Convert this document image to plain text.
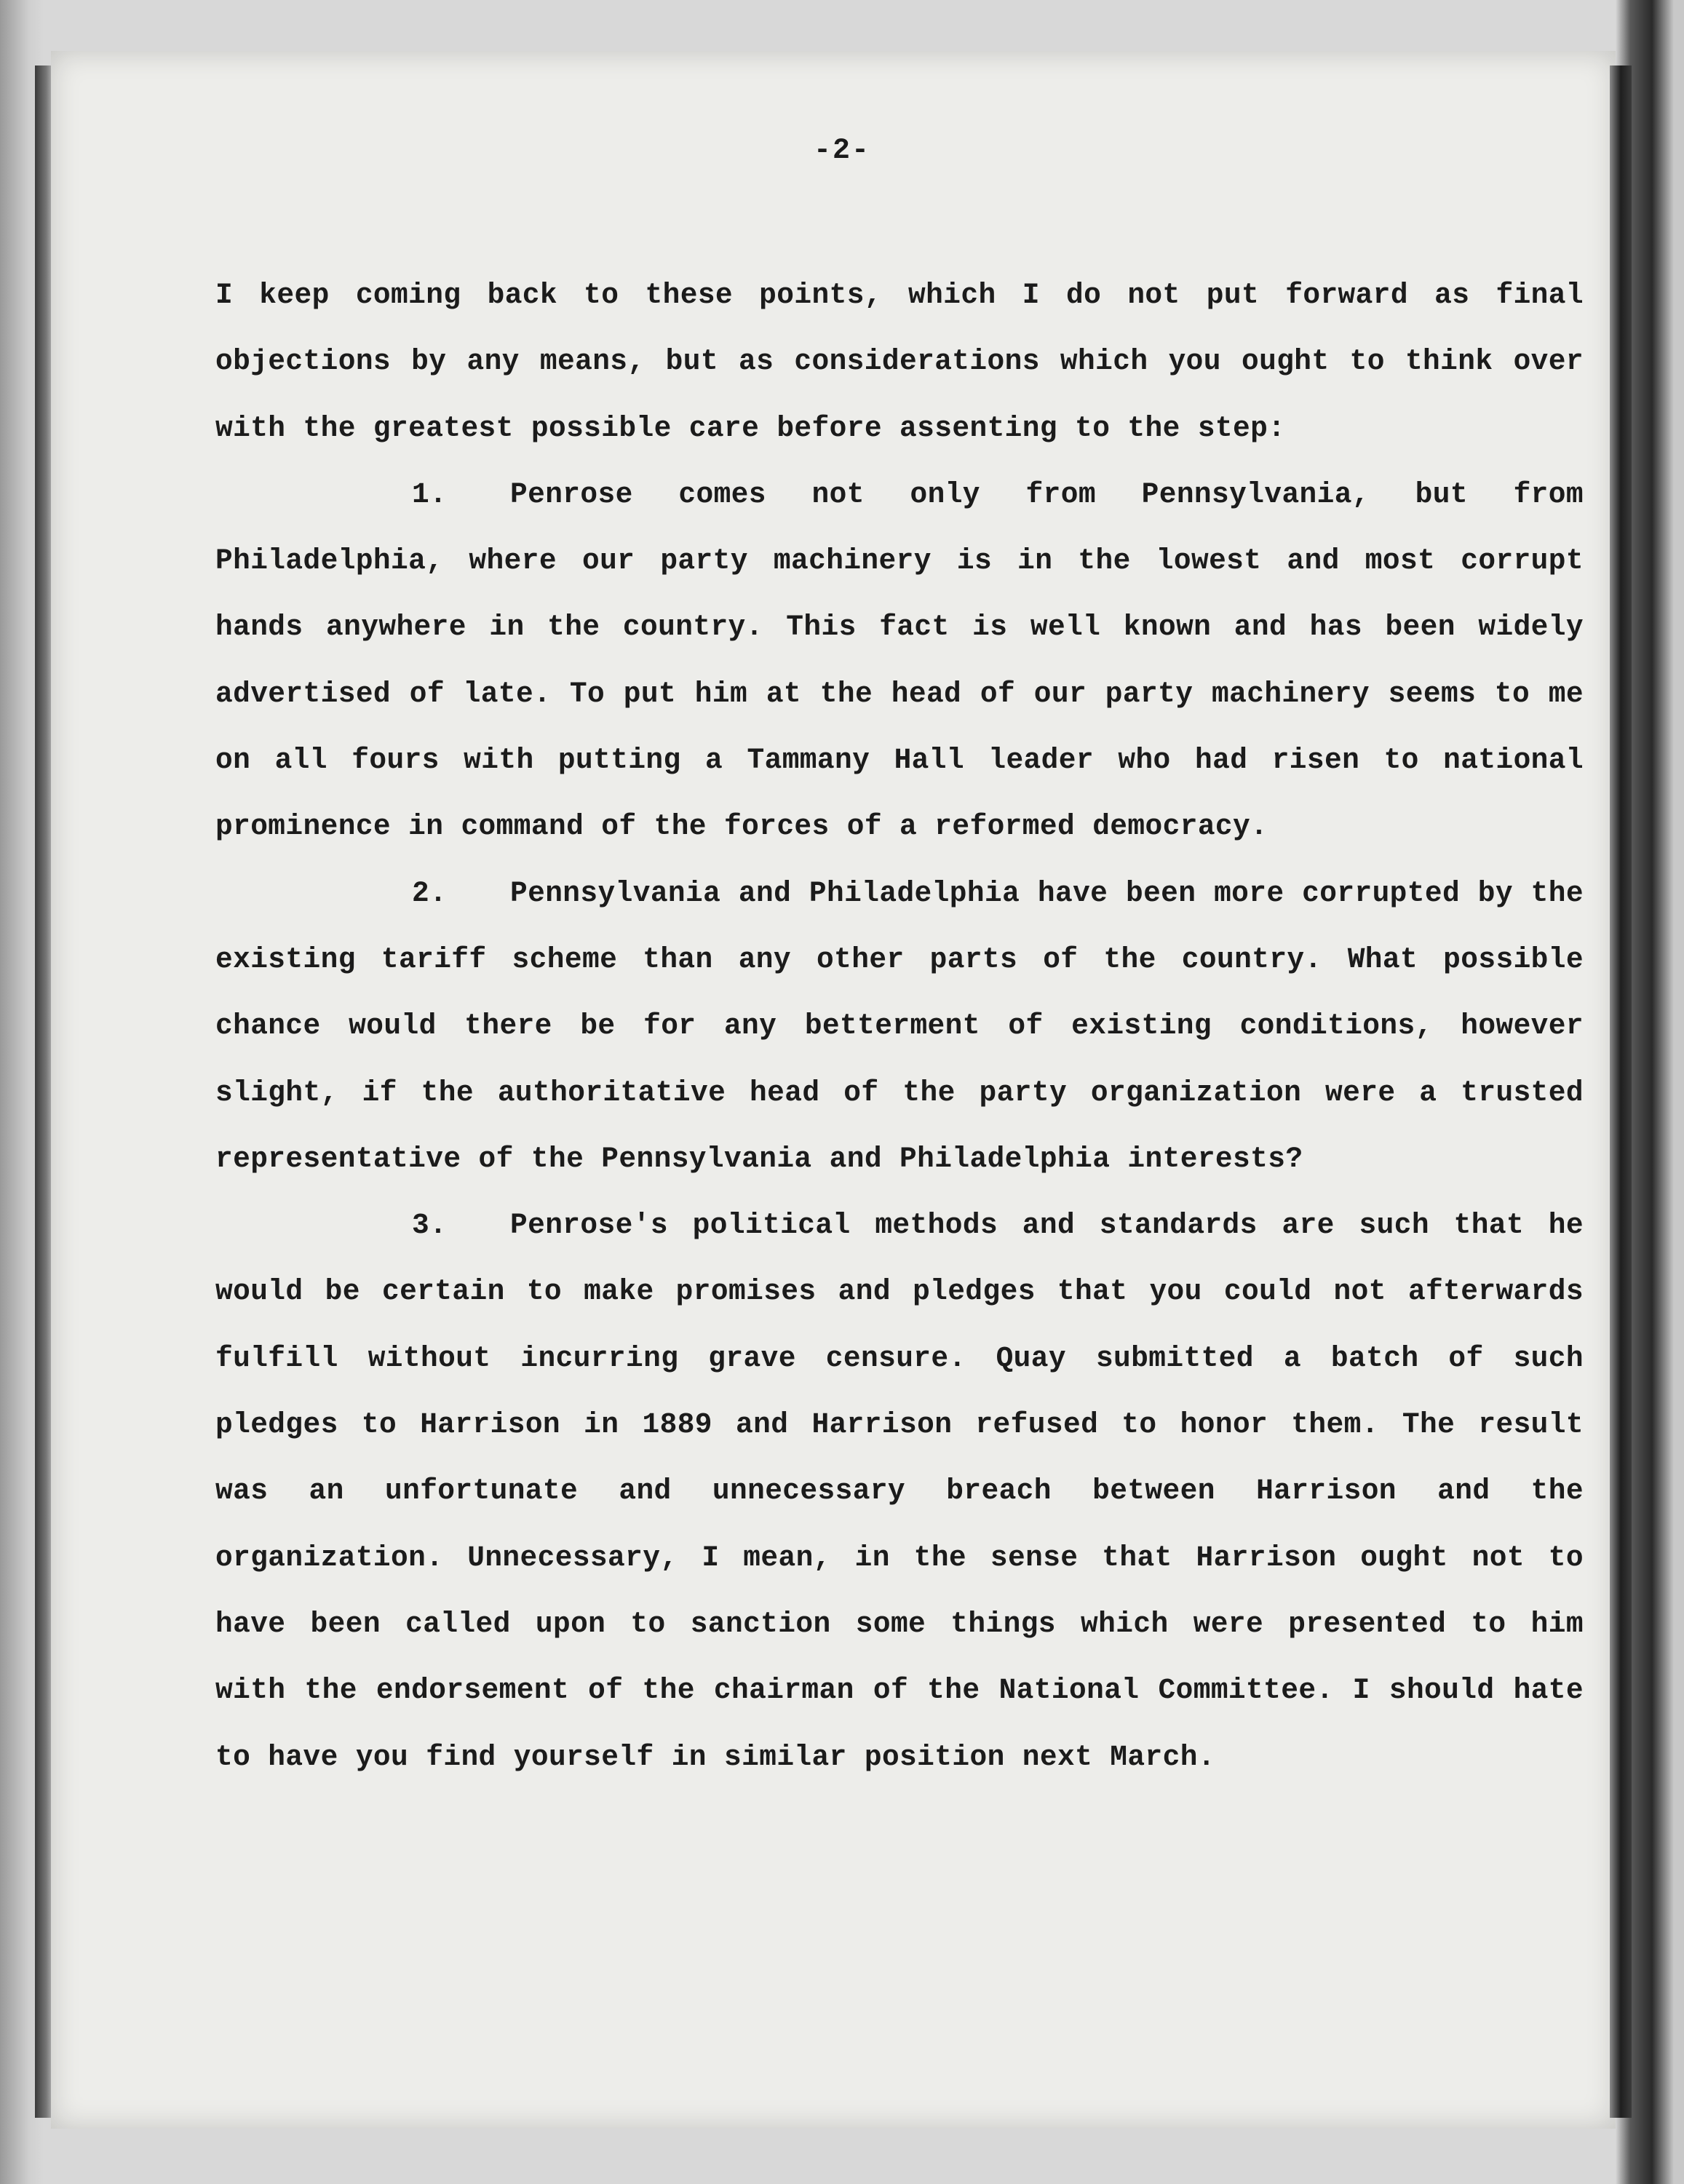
-2-

I keep coming back to these points, which I do not put forward as final objections by any means, but as considerations which you ought to think over with the greatest possible care before assenting to the step:

1. Penrose comes not only from Pennsylvania, but from Philadelphia, where our party machinery is in the lowest and most corrupt hands anywhere in the country. This fact is well known and has been widely advertised of late. To put him at the head of our party machinery seems to me on all fours with putting a Tammany Hall leader who had risen to national prominence in command of the forces of a reformed democracy.

2. Pennsylvania and Philadelphia have been more corrupted by the existing tariff scheme than any other parts of the country. What possible chance would there be for any betterment of existing conditions, however slight, if the authoritative head of the party organization were a trusted representative of the Pennsylvania and Philadelphia interests?

3. Penrose's political methods and standards are such that he would be certain to make promises and pledges that you could not afterwards fulfill without incurring grave censure. Quay submitted a batch of such pledges to Harrison in 1889 and Harrison refused to honor them. The result was an unfortunate and unnecessary breach between Harrison and the organization. Unnecessary, I mean, in the sense that Harrison ought not to have been called upon to sanction some things which were presented to him with the endorsement of the chairman of the National Committee. I should hate to have you find yourself in similar position next March.
